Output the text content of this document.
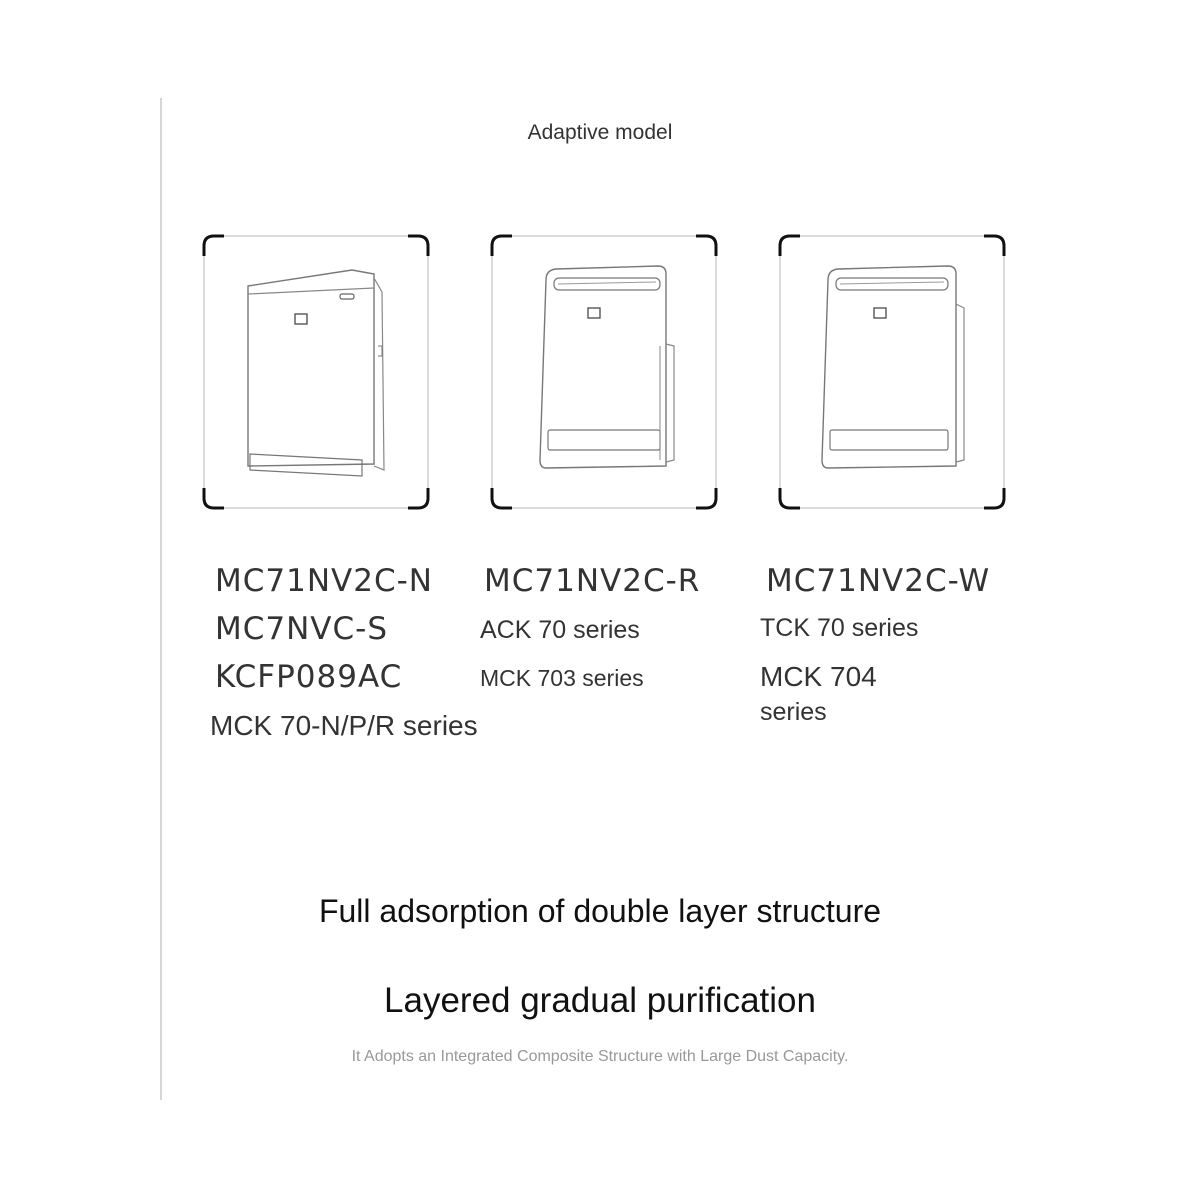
Adaptive model
MC71NV2C-N
MC7NVC-S
KCFP089AC
MCK 70-N/P/R series
MC71NV2C-R
ACK 70 series
MCK 703 series
MC71NV2C-W
TCK 70 series
MCK 704
series
Full adsorption of double layer structure
Layered gradual purification
It Adopts an Integrated Composite Structure with Large Dust Capacity.
